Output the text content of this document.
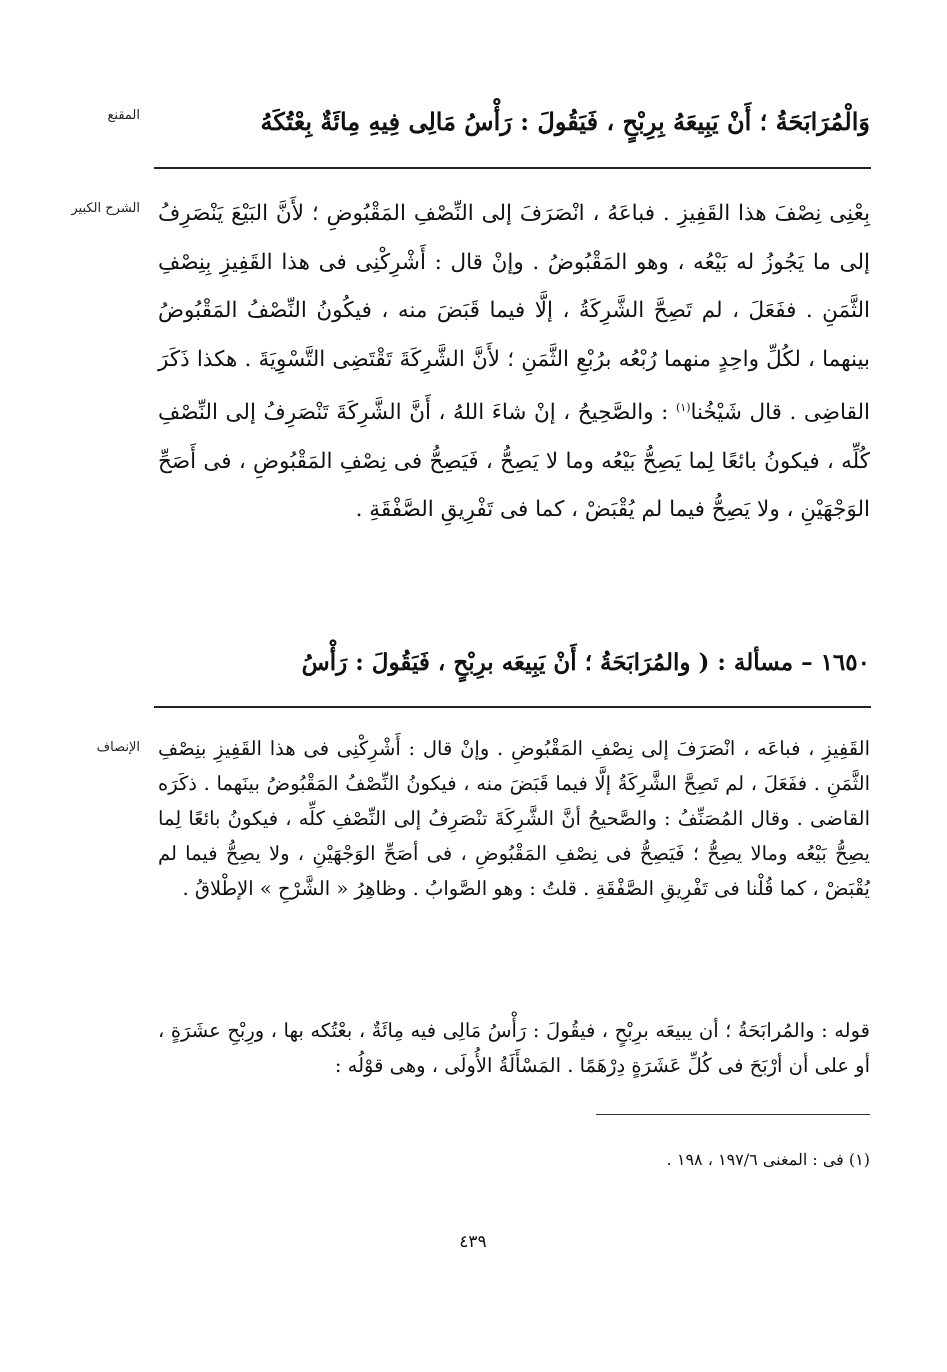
المقنع	وَالْمُرَابَحَةُ ؛ أَنْ يَبِيعَهُ بِرِبْحٍ ، فَيَقُولَ : رَأْسُ مَالِى فِيهِ مِائَةٌ بِعْتُكَهُ
الشرح الكبير بِعْنِى نِصْفَ هذا القَفِيزِ . فباعَهُ ، انْصَرَفَ إلى النِّصْفِ المَقْبُوضِ ؛ لأَنَّ البَيْعَ يَنْصَرِفُ إلى ما يَجُوزُ له بَيْعُه ، وهو المَقْبُوضُ . وإنْ قال : أَشْرِكْنِى فى هذا القَفِيزِ بِنِصْفِ الثَّمَنِ . ففَعَلَ ، لم تَصِحَّ الشَّرِكَةُ ، إلَّا فيما قَبَضَ منه ، فيكُونُ النِّصْفُ المَقْبُوضُ بينهما ، لكُلِّ واحِدٍ منهما رُبْعُه برُبْعِ الثَّمَنِ ؛ لأَنَّ الشَّرِكَةَ تَقْتَضِى التَّسْوِيَةَ . هكذا ذَكَرَ القاضِى . قال شَيْخُنا$^{(١)}$ : والصَّحِيحُ ، إنْ شاءَ اللهُ ، أَنَّ الشَّرِكَةَ تَنْصَرِفُ إلى النِّصْفِ كُلِّه ، فيكونُ بائعًا لِما يَصِحُّ بَيْعُه وما لا يَصِحُّ ، فَيَصِحُّ فى نِصْفِ المَقْبُوضِ ، فى أَصَحِّ الوَجْهَيْنِ ، ولا يَصِحُّ فيما لم يُقْبَضْ ، كما فى تَفْرِيقِ الصَّفْقَةِ .
١٦٥٠ – مسألة : ( والمُرَابَحَةُ ؛ أَنْ يَبِيعَه برِبْحٍ ، فَيَقُولَ : رَأْسُ
الإنصاف القَفِيزِ ، فباعَه ، انْصَرَفَ إلى نِصْفِ المَقْبُوضِ . وإنْ قال : أَشْرِكْنِى فى هذا القَفِيزِ بنِصْفِ الثَّمَنِ . ففَعَلَ ، لم تَصِحَّ الشَّرِكَةُ إلَّا فيما قَبَضَ منه ، فيكونُ النِّصْفُ المَقْبُوضُ بينَهما . ذكَرَه القاضى . وقال المُصَنِّفُ : والصَّحيحُ أنَّ الشَّرِكَةَ تنْصَرِفُ إلى النِّصْفِ كلِّه ، فيكونُ بائعًا لِما يصِحُّ بَيْعُه ومالا يصِحُّ ؛ فَيَصِحُّ فى نِصْفِ المَقْبُوضِ ، فى أصَحِّ الوَجْهَيْنِ ، ولا يصِحُّ فيما لم يُقْبَضْ ، كما قُلْنا فى تَفْرِيقِ الصَّفْقَةِ . قلتُ : وهو الصَّوابُ . وظاهِرُ « الشَّرْحِ » الإطْلاقُ .
قوله : والمُرابَحَةُ ؛ أن يبيعَه برِبْحٍ ، فيقُولَ : رَأْسُ مَالِى فيه مِائَةٌ ، بعْتُكه بها ، ورِبْحِ عشَرَةٍ ، أو على أن أرْبَحَ فى كُلِّ عَشَرَةٍ دِرْهَمًا . المَسْأَلَةُ الأُولَى ، وهى قوْلُه :
(١) فى : المغنى ١٩٧/٦ ، ١٩٨ .
٤٣٩
